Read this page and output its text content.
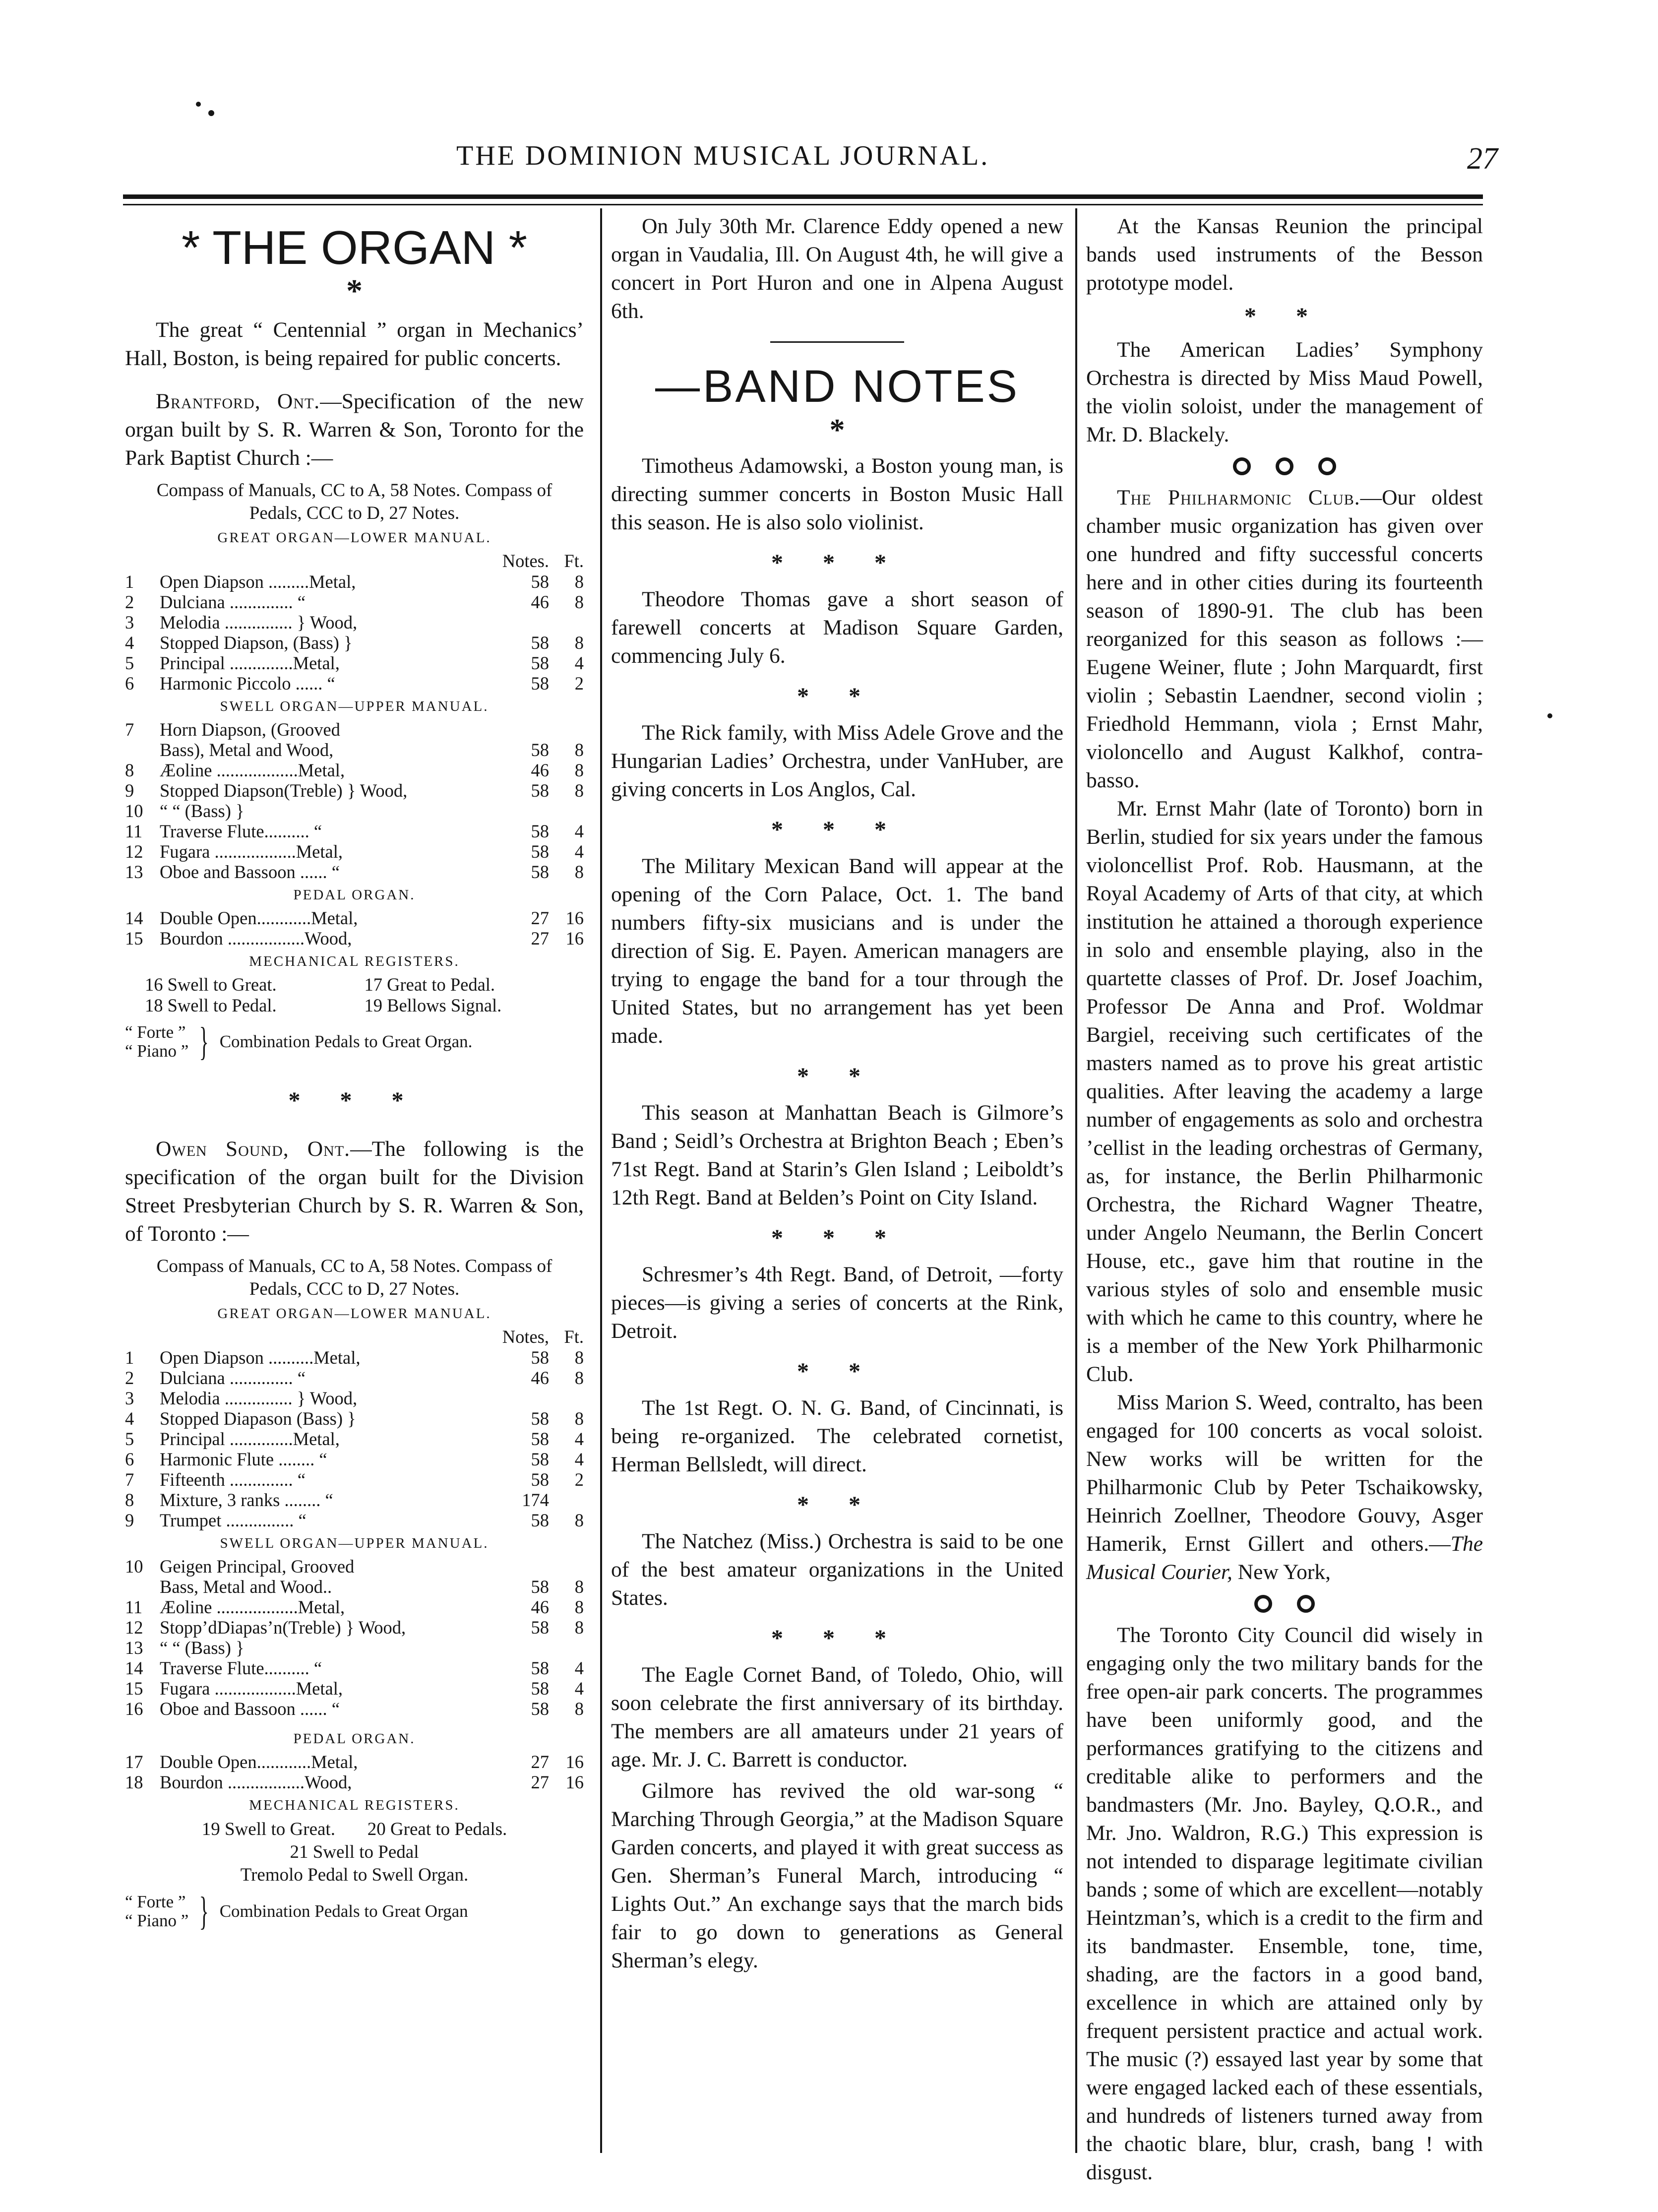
THE DOMINION MUSICAL JOURNAL.	27
* THE ORGAN *
*

The great “ Centennial ” organ in Mechanics’ Hall, Boston, is being repaired for public concerts.

Brantford, Ont.—Specification of the new organ built by S. R. Warren & Son, Toronto for the Park Baptist Church :—

Compass of Manuals, CC to A, 58 Notes. Compass of Pedals, CCC to D, 27 Notes.

GREAT ORGAN—LOWER MANUAL.
Notes. Ft.
1	Open Diapson .........Metal,	58	8
2	Dulciana .............. “	46	8
3	Melodia ............... } Wood,
4	Stopped Diapson, (Bass) }	58	8
5	Principal ..............Metal,	58	4
6	Harmonic Piccolo ...... “	58	2
SWELL ORGAN—UPPER MANUAL.
7	Horn Diapson, (Grooved
Bass), Metal and Wood,	58	8
8	Æoline ..................Metal,	46	8
9	Stopped Diapson(Treble) } Wood,	58	8
10 “ “ (Bass) }
11 Traverse Flute.......... “	58	4
12 Fugara ..................Metal,	58	4
13 Oboe and Bassoon ...... “	58	8
PEDAL ORGAN.
14 Double Open............Metal,	27 16
15 Bourdon .................Wood,	27 16
MECHANICAL REGISTERS.
16 Swell to Great.	17 Great to Pedal.
18 Swell to Pedal.	19 Bellows Signal.
“ Forte ”
“ Piano ” } Combination Pedals to Great Organ.
* * *

Owen Sound, Ont.—The following is the specification of the organ built for the Division Street Presbyterian Church by S. R. Warren & Son, of Toronto :—

Compass of Manuals, CC to A, 58 Notes. Compass of Pedals, CCC to D, 27 Notes.

GREAT ORGAN—LOWER MANUAL.
Notes, Ft.
1	Open Diapson ..........Metal,	58	8
2	Dulciana .............. “	46	8
3	Melodia ............... } Wood,
4	Stopped Diapason (Bass) }	58	8
5	Principal ..............Metal,	58	4
6	Harmonic Flute ........ “	58	4
7	Fifteenth .............. “	58	2
8	Mixture, 3 ranks ........ “	174
9	Trumpet ............... “	58	8
SWELL ORGAN—UPPER MANUAL.
10 Geigen Principal, Grooved
Bass, Metal and Wood..	58	8
11 Æoline ..................Metal,	46	8
12 Stopp’dDiapas’n(Treble) } Wood,	58	8
13 “ “ (Bass) }
14 Traverse Flute.......... “	58	4
15 Fugara ..................Metal,	58	4
16 Oboe and Bassoon ...... “	58	8
PEDAL ORGAN.
17 Double Open............Metal,	27 16
18 Bourdon .................Wood,	27 16
MECHANICAL REGISTERS.
19 Swell to Great.       20 Great to Pedals.
21 Swell to Pedal
Tremolo Pedal to Swell Organ.
“ Forte ”
“ Piano ” } Combination Pedals to Great Organ

On July 30th Mr. Clarence Eddy opened a new organ in Vaudalia, Ill. On August 4th, he will give a concert in Port Huron and one in Alpena August 6th.

BAND NOTES
*

Timotheus Adamowski, a Boston young man, is directing summer concerts in Boston Music Hall this season. He is also solo violinist.

* * *

Theodore Thomas gave a short season of farewell concerts at Madison Square Garden, commencing July 6.

* *

The Rick family, with Miss Adele Grove and the Hungarian Ladies’ Orchestra, under VanHuber, are giving concerts in Los Anglos, Cal.

* * *

The Military Mexican Band will appear at the opening of the Corn Palace, Oct. 1. The band numbers fifty-six musicians and is under the direction of Sig. E. Payen. American managers are trying to engage the band for a tour through the United States, but no arrangement has yet been made.

* *

This season at Manhattan Beach is Gilmore’s Band ; Seidl’s Orchestra at Brighton Beach ; Eben’s 71st Regt. Band at Starin’s Glen Island ; Leiboldt’s 12th Regt. Band at Belden’s Point on City Island.

* * *

Schresmer’s 4th Regt. Band, of Detroit, —forty pieces—is giving a series of concerts at the Rink, Detroit.

* *

The 1st Regt. O. N. G. Band, of Cincinnati, is being re-organized. The celebrated cornetist, Herman Bellsledt, will direct.

* *

The Natchez (Miss.) Orchestra is said to be one of the best amateur organizations in the United States.

* * *

The Eagle Cornet Band, of Toledo, Ohio, will soon celebrate the first anniversary of its birthday. The members are all amateurs under 21 years of age. Mr. J. C. Barrett is conductor.

Gilmore has revived the old war-song “ Marching Through Georgia,” at the Madison Square Garden concerts, and played it with great success as Gen. Sherman’s Funeral March, introducing “ Lights Out.” An exchange says that the march bids fair to go down to generations as General Sherman’s elegy.

At the Kansas Reunion the principal bands used instruments of the Besson prototype model.

* *

The American Ladies’ Symphony Orchestra is directed by Miss Maud Powell, the violin soloist, under the management of Mr. D. Blackely.

The Philharmonic Club.—Our oldest chamber music organization has given over one hundred and fifty successful concerts here and in other cities during its fourteenth season of 1890-91. The club has been reorganized for this season as follows :—Eugene Weiner, flute ; John Marquardt, first violin ; Sebastin Laendner, second violin ; Friedhold Hemmann, viola ; Ernst Mahr, violoncello and August Kalkhof, contra-basso.

Mr. Ernst Mahr (late of Toronto) born in Berlin, studied for six years under the famous violoncellist Prof. Rob. Hausmann, at the Royal Academy of Arts of that city, at which institution he attained a thorough experience in solo and ensemble playing, also in the quartette classes of Prof. Dr. Josef Joachim, Professor De Anna and Prof. Woldmar Bargiel, receiving such certificates of the masters named as to prove his great artistic qualities. After leaving the academy a large number of engagements as solo and orchestra ’cellist in the leading orchestras of Germany, as, for instance, the Berlin Philharmonic Orchestra, the Richard Wagner Theatre, under Angelo Neumann, the Berlin Concert House, etc., gave him that routine in the various styles of solo and ensemble music with which he came to this country, where he is a member of the New York Philharmonic Club.

Miss Marion S. Weed, contralto, has been engaged for 100 concerts as vocal soloist. New works will be written for the Philharmonic Club by Peter Tschaikowsky, Heinrich Zoellner, Theodore Gouvy, Asger Hamerik, Ernst Gillert and others.—The Musical Courier, New York,

The Toronto City Council did wisely in engaging only the two military bands for the free open-air park concerts. The programmes have been uniformly good, and the performances gratifying to the citizens and creditable alike to performers and the bandmasters (Mr. Jno. Bayley, Q.O.R., and Mr. Jno. Waldron, R.G.) This expression is not intended to disparage legitimate civilian bands ; some of which are excellent—notably Heintzman’s, which is a credit to the firm and its bandmaster. Ensemble, tone, time, shading, are the factors in a good band, excellence in which are attained only by frequent persistent practice and actual work. The music (?) essayed last year by some that were engaged lacked each of these essentials, and hundreds of listeners turned away from the chaotic blare, blur, crash, bang ! with disgust.
